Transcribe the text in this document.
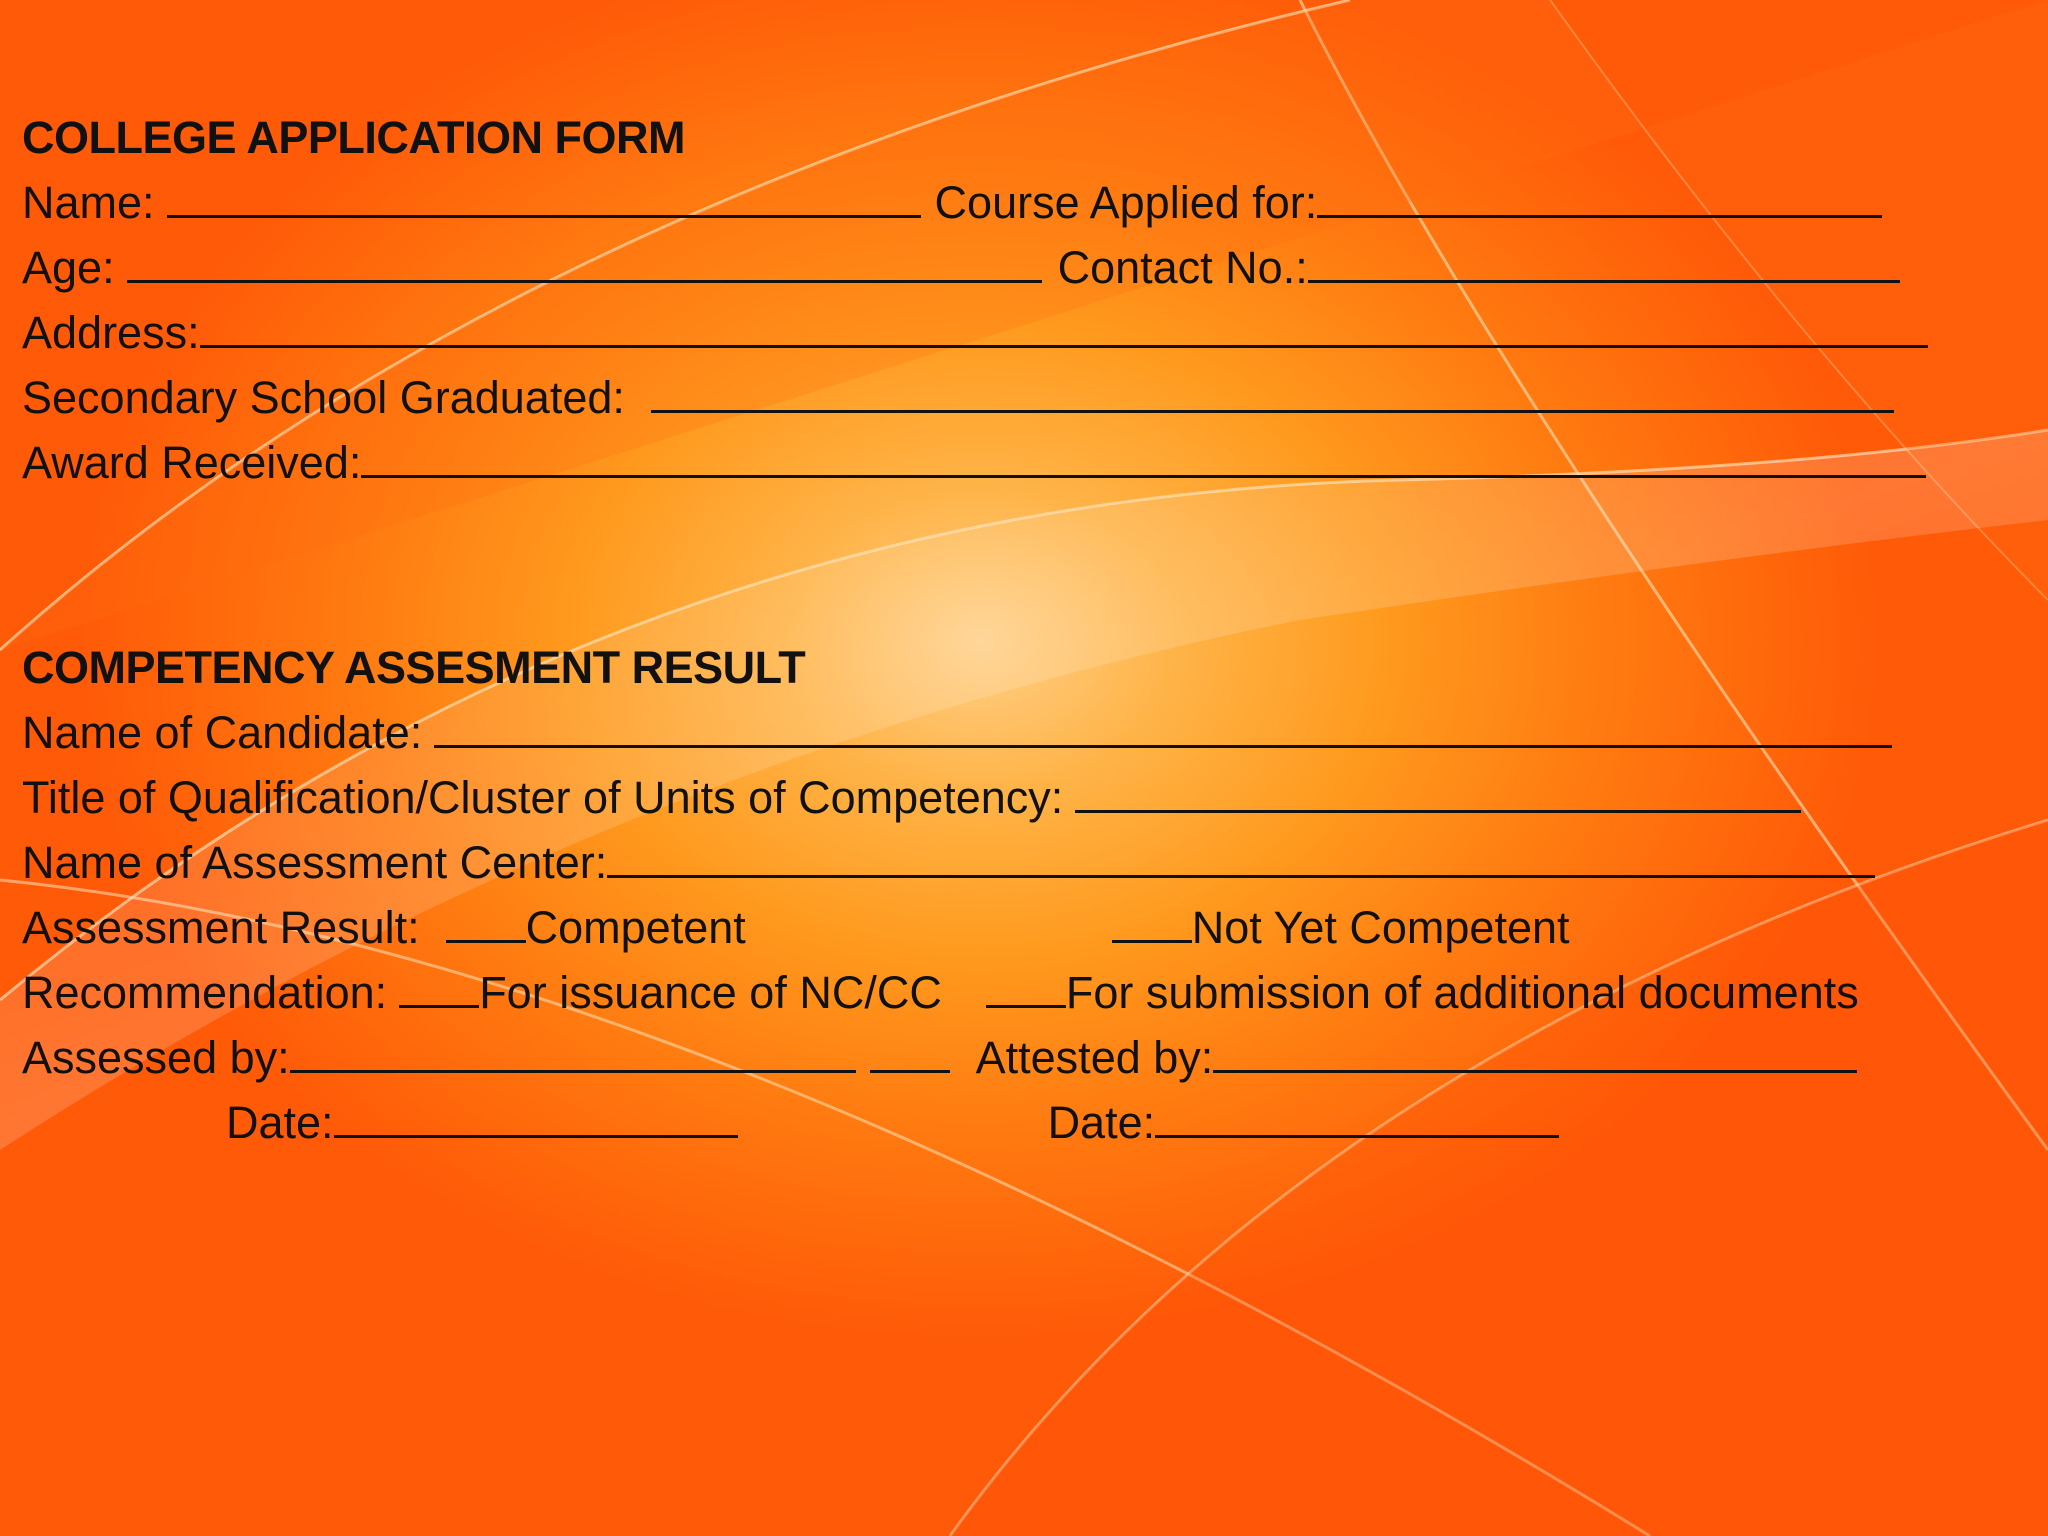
COLLEGE APPLICATION FORM
Name:	Course Applied for:
Age:	Contact No.:
Address:
Secondary School Graduated:
Award Received:
COMPETENCY ASSESMENT RESULT
Name of Candidate:
Title of Qualification/Cluster of Units of Competency:
Name of Assessment Center:
Assessment Result: Competent	Not Yet Competent
Recommendation: For issuance of NC/CC	For submission of additional documents
Assessed by:	Attested by:
Date:	Date:
